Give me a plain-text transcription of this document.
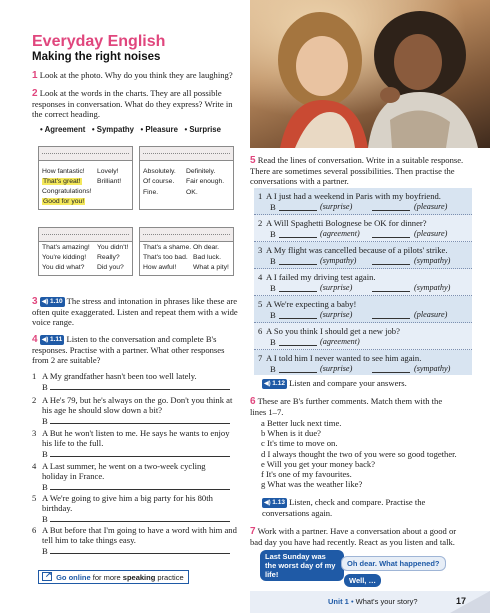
Everyday English
Making the right noises
1 Look at the photo. Why do you think they are laughing?
2 Look at the words in the charts. They are all possible responses in conversation. What do they express? Write in the correct heading.
• Agreement • Sympathy • Pleasure • Surprise
How fantastic! Lovely!
That's great! Brilliant!
Congratulations!
Good for you!
Absolutely. Definitely.
Of course. Fair enough.
Fine.	OK.
That's amazing! You didn't!
You're kidding! Really?
You did what? Did you?
That's a shame. Oh dear.
That's too bad. Bad luck.
How awful! What a pity!
3 ◀) 1.10 The stress and intonation in phrases like these are often quite exaggerated. Listen and repeat them with a wide voice range.
4 ◀) 1.11 Listen to the conversation and complete B's responses. Practise with a partner. What other responses from 2 are suitable?
1 A My grandfather hasn't been too well lately.
B
2 A He's 79, but he's always on the go. Don't you think at his age he should slow down a bit?
B
3 A But he won't listen to me. He says he wants to enjoy his life to the full.
B
4 A Last summer, he went on a two-week cycling holiday in France.
B
5 A We're going to give him a big party for his 80th birthday.
B
6 A But before that I'm going to have a word with him and tell him to take things easy.
B
↗ Go online for more speaking practice
5 Read the lines of conversation. Write in a suitable response. There are sometimes several possibilities. Then practise the conversations with a partner.
1 A I just had a weekend in Paris with my boyfriend.
B	(surprise)	(pleasure)
2 A Will Spaghetti Bolognese be OK for dinner?
B	(agreement)	(pleasure)
3 A My flight was cancelled because of a pilots' strike.
B	(sympathy)	(sympathy)
4 A I failed my driving test again.
B	(surprise)	(sympathy)
5 A We're expecting a baby!
B	(surprise)	(pleasure)
6 A So you think I should get a new job?
B	(agreement)
7 A I told him I never wanted to see him again.
B	(surprise)	(sympathy)
◀) 1.12 Listen and compare your answers.
6 These are B's further comments. Match them with the lines 1–7.
a Better luck next time.
b When is it due?
c It's time to move on.
d I always thought the two of you were so good together.
e Will you get your money back?
f It's one of my favourites.
g What was the weather like?
◀) 1.13 Listen, check and compare. Practise the conversations again.
7 Work with a partner. Have a conversation about a good or bad day you have had recently. React as you listen and talk.
Last Sunday was the worst day of my life!
Oh dear. What happened?
Well, …
Unit 1 • What's your story?	17
